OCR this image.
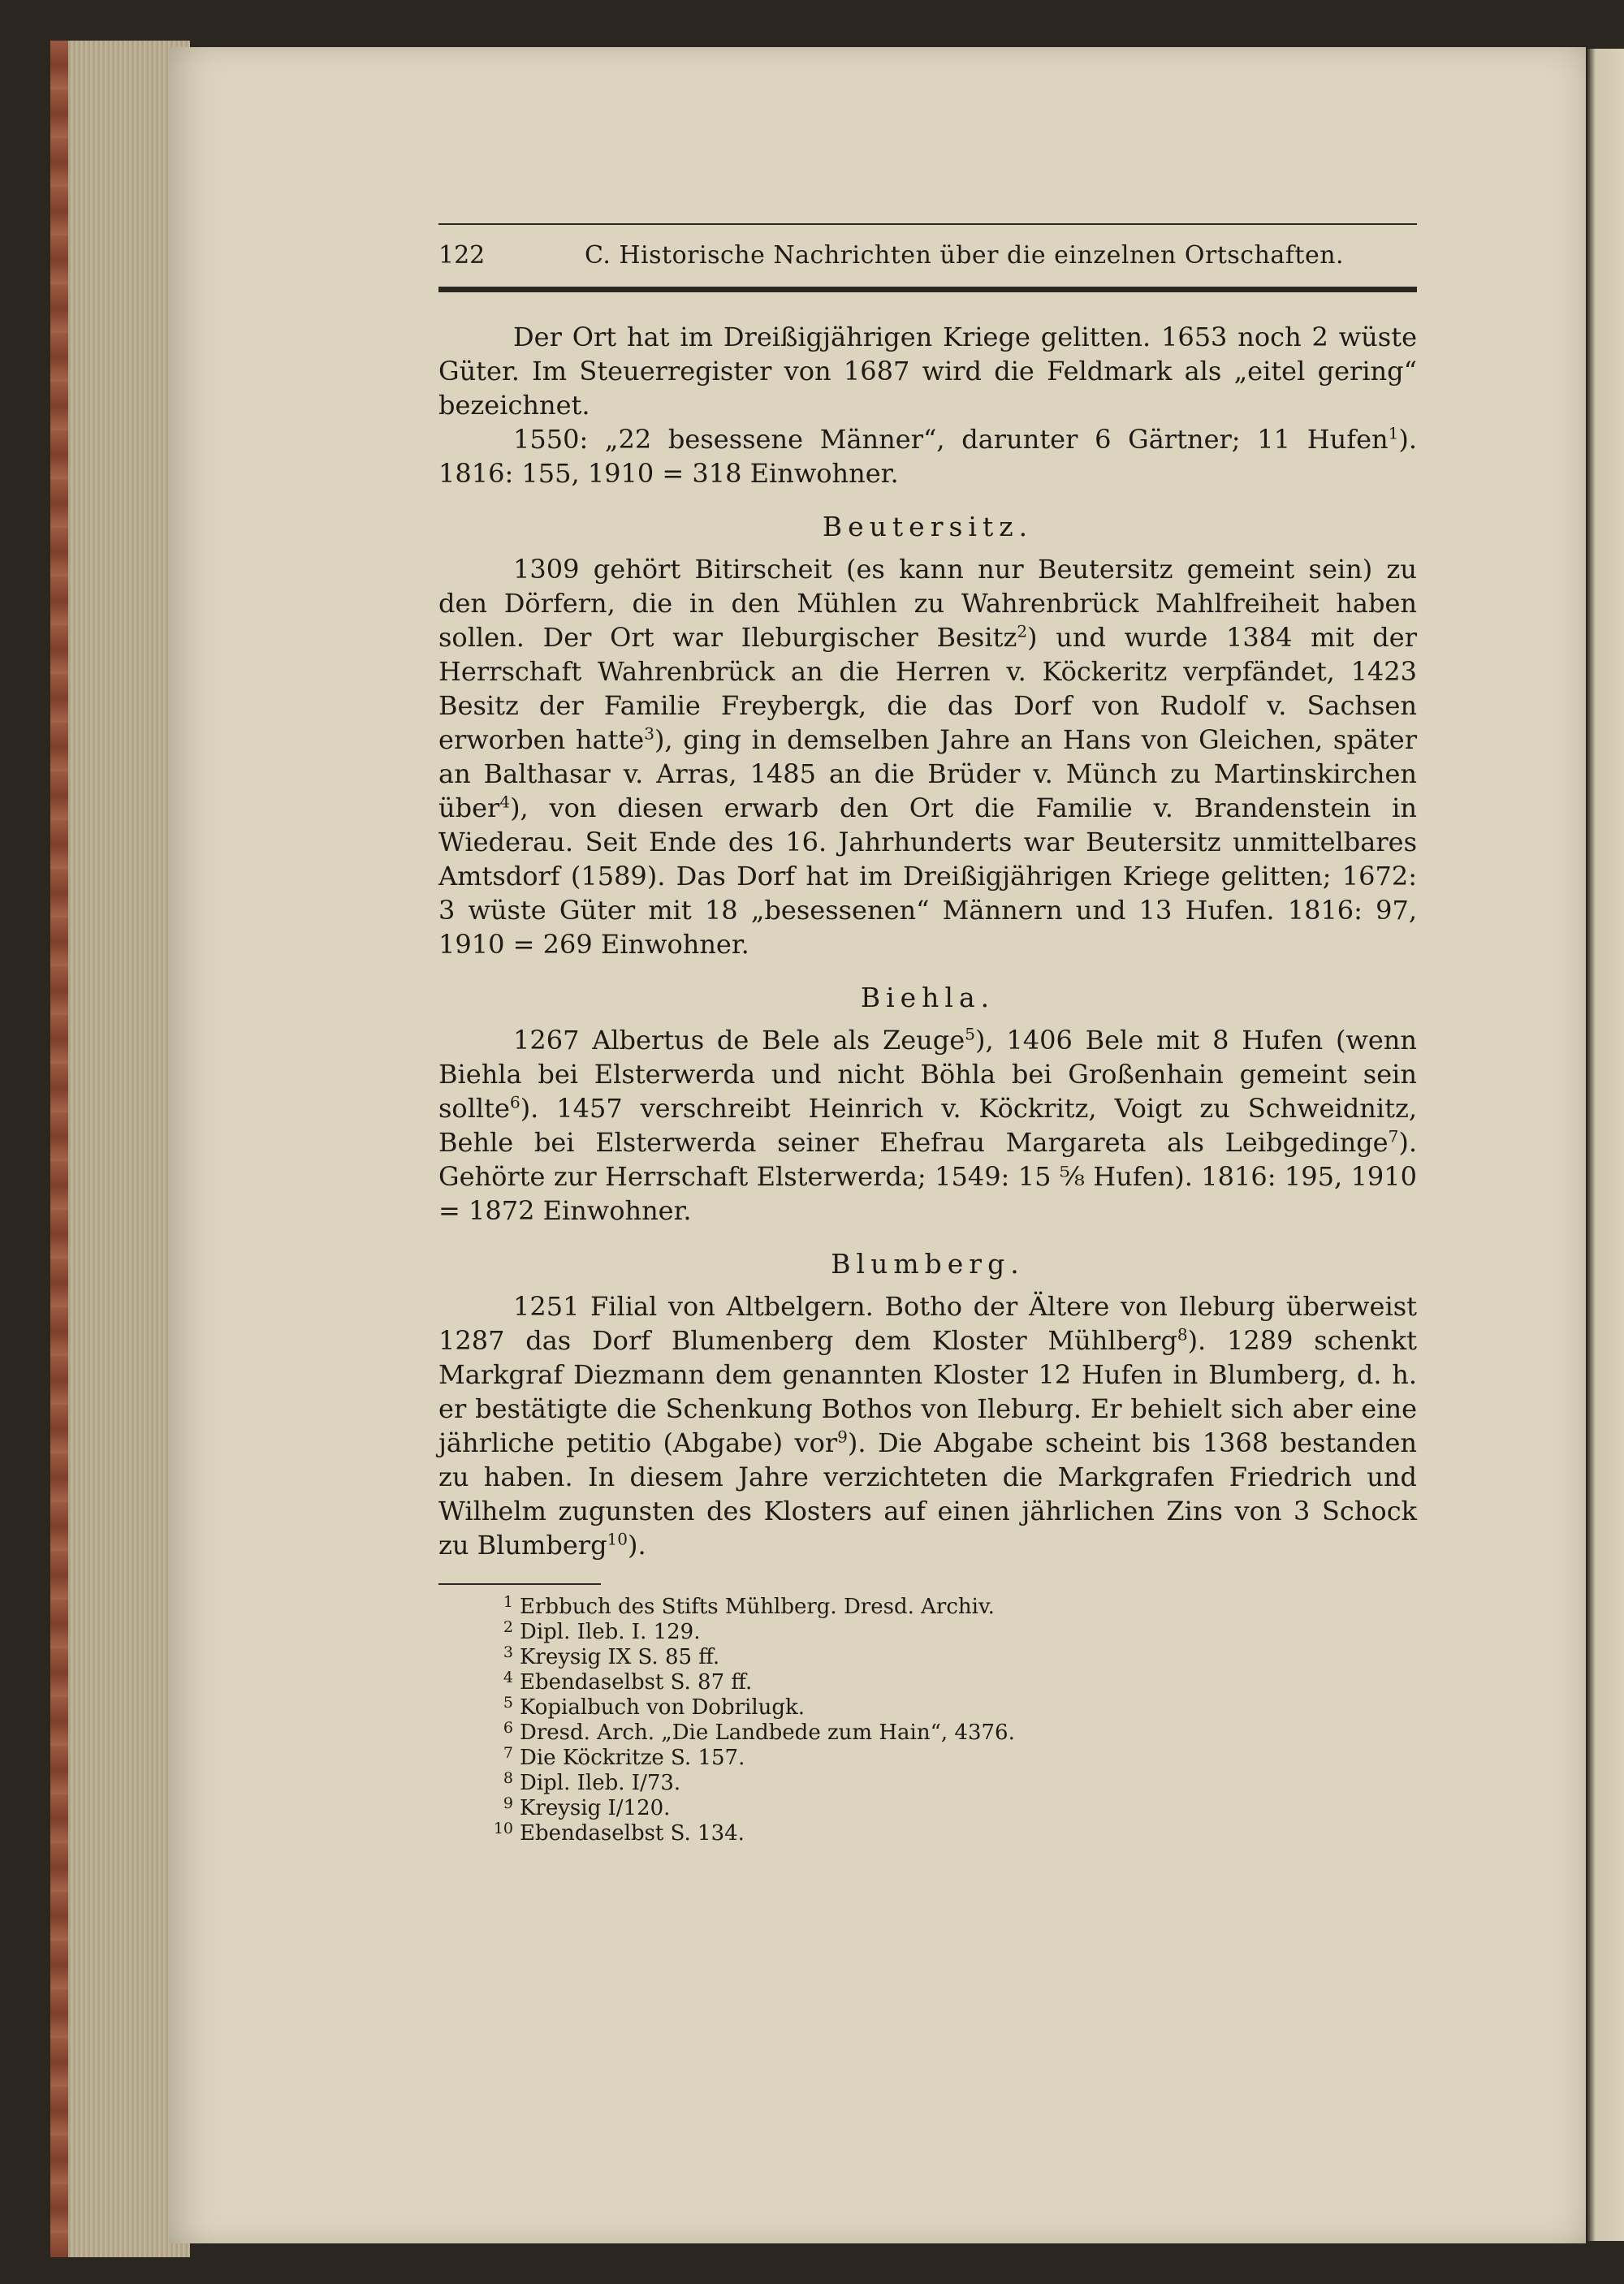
122	C. Historische Nachrichten über die einzelnen Ortschaften.

Der Ort hat im Dreißigjährigen Kriege gelitten. 1653 noch 2 wüste Güter. Im Steuerregister von 1687 wird die Feldmark als „eitel gering“ bezeichnet.

1550: „22 besessene Männer“, darunter 6 Gärtner; 11 Hufen$^1$). 1816: 155, 1910 = 318 Einwohner.

Beutersitz.

1309 gehört Bitirscheit (es kann nur Beutersitz gemeint sein) zu den Dörfern, die in den Mühlen zu Wahrenbrück Mahlfreiheit haben sollen. Der Ort war Ileburgischer Besitz$^2$) und wurde 1384 mit der Herrschaft Wahrenbrück an die Herren v. Köckeritz verpfändet, 1423 Besitz der Familie Freybergk, die das Dorf von Rudolf v. Sachsen erworben hatte$^3$), ging in demselben Jahre an Hans von Gleichen, später an Balthasar v. Arras, 1485 an die Brüder v. Münch zu Martinskirchen über$^4$), von diesen erwarb den Ort die Familie v. Brandenstein in Wiederau. Seit Ende des 16. Jahrhunderts war Beutersitz unmittelbares Amtsdorf (1589). Das Dorf hat im Dreißigjährigen Kriege gelitten; 1672: 3 wüste Güter mit 18 „besessenen“ Männern und 13 Hufen. 1816: 97, 1910 = 269 Einwohner.

Biehla.

1267 Albertus de Bele als Zeuge$^5$), 1406 Bele mit 8 Hufen (wenn Biehla bei Elsterwerda und nicht Böhla bei Großenhain gemeint sein sollte$^6$). 1457 verschreibt Heinrich v. Köckritz, Voigt zu Schweidnitz, Behle bei Elsterwerda seiner Ehefrau Margareta als Leibgedinge$^7$). Gehörte zur Herrschaft Elsterwerda; 1549: 15 ⅝ Hufen). 1816: 195, 1910 = 1872 Einwohner.

Blumberg.

1251 Filial von Altbelgern. Botho der Ältere von Ileburg überweist 1287 das Dorf Blumenberg dem Kloster Mühlberg$^8$). 1289 schenkt Markgraf Diezmann dem genannten Kloster 12 Hufen in Blumberg, d. h. er bestätigte die Schenkung Bothos von Ileburg. Er behielt sich aber eine jährliche petitio (Abgabe) vor$^9$). Die Abgabe scheint bis 1368 bestanden zu haben. In diesem Jahre verzichteten die Markgrafen Friedrich und Wilhelm zugunsten des Klosters auf einen jährlichen Zins von 3 Schock zu Blumberg$^{10}$).

1 Erbbuch des Stifts Mühlberg. Dresd. Archiv.
2 Dipl. Ileb. I. 129.
3 Kreysig IX S. 85 ff.
4 Ebendaselbst S. 87 ff.
5 Kopialbuch von Dobrilugk.
6 Dresd. Arch. „Die Landbede zum Hain“, 4376.
7 Die Köckritze S. 157.
8 Dipl. Ileb. I/73.
9 Kreysig I/120.
10 Ebendaselbst S. 134.
